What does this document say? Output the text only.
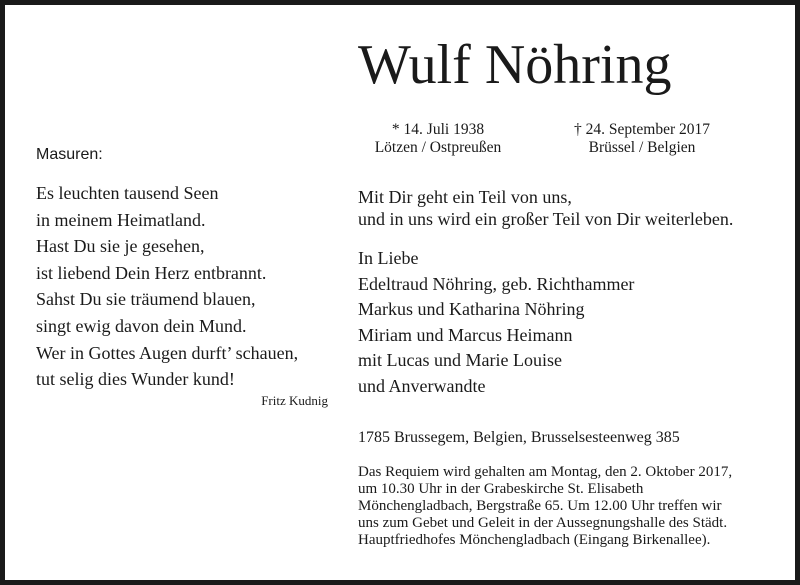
Wulf Nöhring
* 14. Juli 1938
Lötzen / Ostpreußen
† 24. September 2017
Brüssel / Belgien
Masuren:
Es leuchten tausend Seen
in meinem Heimatland.
Hast Du sie je gesehen,
ist liebend Dein Herz entbrannt.
Sahst Du sie träumend blauen,
singt ewig davon dein Mund.
Wer in Gottes Augen durft’ schauen,
tut selig dies Wunder kund!
Fritz Kudnig
Mit Dir geht ein Teil von uns,
und in uns wird ein großer Teil von Dir weiterleben.
In Liebe
Edeltraud Nöhring, geb. Richthammer
Markus und Katharina Nöhring
Miriam und Marcus Heimann
mit Lucas und Marie Louise
und Anverwandte
1785 Brussegem, Belgien, Brusselsesteenweg 385
Das Requiem wird gehalten am Montag, den 2. Oktober 2017,
um 10.30 Uhr in der Grabeskirche St. Elisabeth
Mönchengladbach, Bergstraße 65. Um 12.00 Uhr treffen wir
uns zum Gebet und Geleit in der Aussegnungshalle des Städt.
Hauptfriedhofes Mönchengladbach (Eingang Birkenallee).
